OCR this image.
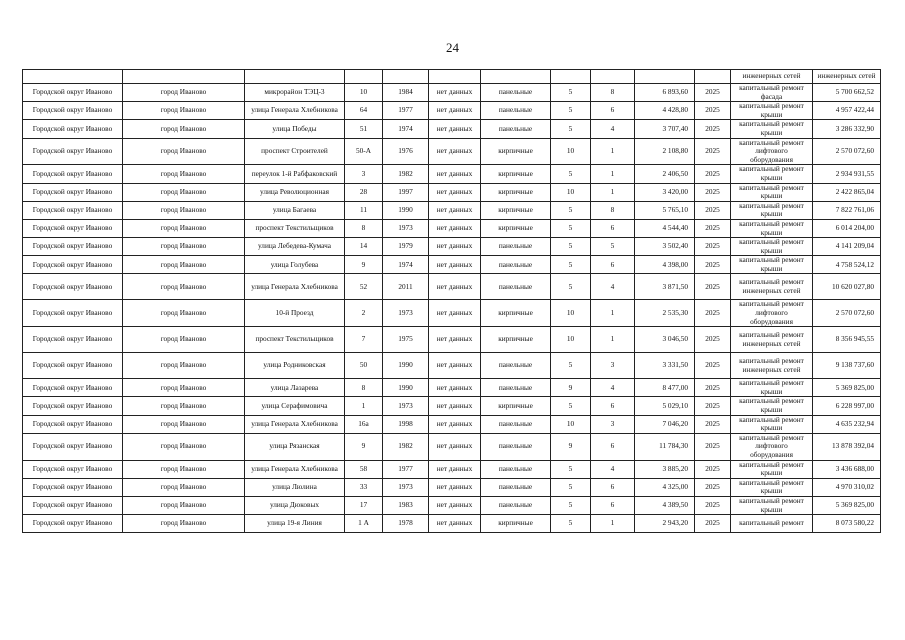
24
											инженерных сетей	инженерных сетей
Городской округ Иваново	город Иваново	микрорайон ТЭЦ-3	10	1984	нет данных	панельные	5	8	6 893,60	2025	капитальный ремонт фасада	5 700 662,52
Городской округ Иваново	город Иваново	улица Генерала Хлебникова	64	1977	нет данных	панельные	5	6	4 428,80	2025	капитальный ремонт крыши	4 957 422,44
Городской округ Иваново	город Иваново	улица Победы	51	1974	нет данных	панельные	5	4	3 707,40	2025	капитальный ремонт крыши	3 286 332,90
Городской округ Иваново	город Иваново	проспект Строителей	50-А	1976	нет данных	кирпичные	10	1	2 108,80	2025	капитальный ремонт лифтового оборудования	2 570 072,60
Городской округ Иваново	город Иваново	переулок 1-й Рабфаковский	3	1982	нет данных	кирпичные	5	1	2 406,50	2025	капитальный ремонт крыши	2 934 931,55
Городской округ Иваново	город Иваново	улица Революционная	28	1997	нет данных	кирпичные	10	1	3 420,00	2025	капитальный ремонт крыши	2 422 865,04
Городской округ Иваново	город Иваново	улица Багаева	11	1990	нет данных	кирпичные	5	8	5 765,10	2025	капитальный ремонт крыши	7 822 761,06
Городской округ Иваново	город Иваново	проспект Текстильщиков	8	1973	нет данных	кирпичные	5	6	4 544,40	2025	капитальный ремонт крыши	6 014 204,00
Городской округ Иваново	город Иваново	улица Лебедева-Кумача	14	1979	нет данных	панельные	5	5	3 502,40	2025	капитальный ремонт крыши	4 141 209,04
Городской округ Иваново	город Иваново	улица Голубева	9	1974	нет данных	панельные	5	6	4 398,00	2025	капитальный ремонт крыши	4 758 524,12
Городской округ Иваново	город Иваново	улица Генерала Хлебникова	52	2011	нет данных	панельные	5	4	3 871,50	2025	капитальный ремонт инженерных сетей	10 620 027,80
Городской округ Иваново	город Иваново	10-й Проезд	2	1973	нет данных	кирпичные	10	1	2 535,30	2025	капитальный ремонт лифтового оборудования	2 570 072,60
Городской округ Иваново	город Иваново	проспект Текстильщиков	7	1975	нет данных	кирпичные	10	1	3 046,50	2025	капитальный ремонт инженерных сетей	8 356 945,55
Городской округ Иваново	город Иваново	улица Родниковская	50	1990	нет данных	панельные	5	3	3 331,50	2025	капитальный ремонт инженерных сетей	9 138 737,60
Городской округ Иваново	город Иваново	улица Лазарева	8	1990	нет данных	панельные	9	4	8 477,00	2025	капитальный ремонт крыши	5 369 825,00
Городской округ Иваново	город Иваново	улица Серафимовича	1	1973	нет данных	кирпичные	5	6	5 029,10	2025	капитальный ремонт крыши	6 228 997,00
Городской округ Иваново	город Иваново	улица Генерала Хлебникова	16а	1998	нет данных	панельные	10	3	7 046,20	2025	капитальный ремонт крыши	4 635 232,94
Городской округ Иваново	город Иваново	улица Рязанская	9	1982	нет данных	панельные	9	6	11 784,30	2025	капитальный ремонт лифтового оборудования	13 878 392,04
Городской округ Иваново	город Иваново	улица Генерала Хлебникова	58	1977	нет данных	панельные	5	4	3 885,20	2025	капитальный ремонт крыши	3 436 688,00
Городской округ Иваново	город Иваново	улица Люлина	33	1973	нет данных	панельные	5	6	4 325,00	2025	капитальный ремонт крыши	4 970 310,02
Городской округ Иваново	город Иваново	улица Дюковых	17	1983	нет данных	панельные	5	6	4 389,50	2025	капитальный ремонт крыши	5 369 825,00
Городской округ Иваново	город Иваново	улица 19-я Линия	1 А	1978	нет данных	кирпичные	5	1	2 943,20	2025	капитальный ремонт	8 073 580,22
